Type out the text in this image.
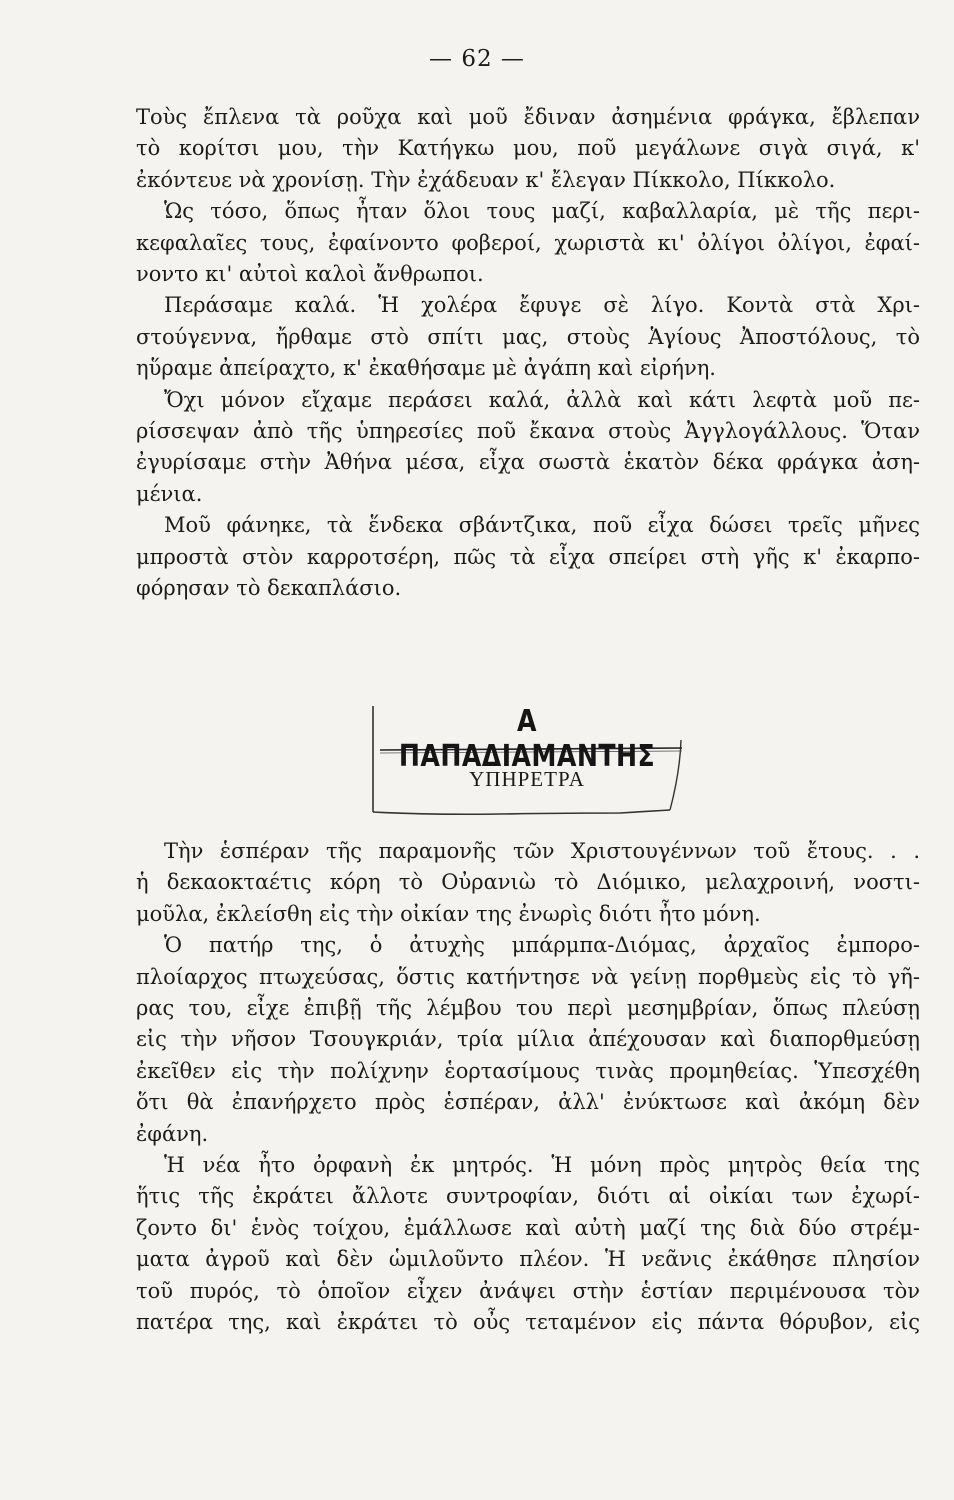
— 62 —
Τοὺς ἔπλενα τὰ ροῦχα καὶ μοῦ ἔδιναν ἀσημένια φράγκα, ἔβλεπαν
τὸ κορίτσι μου, τὴν Κατήγκω μου, ποῦ μεγάλωνε σιγὰ σιγά, κ'
ἐκόντευε νὰ χρονίσῃ. Τὴν ἐχάδευαν κ' ἔλεγαν Πίκκολο, Πίκκολο.
Ὡς τόσο, ὅπως ἦταν ὅλοι τους μαζί, καβαλλαρία, μὲ τῆς περι-
κεφαλαῖες τους, ἐφαίνοντο φοβεροί, χωριστὰ κι' ὀλίγοι ὀλίγοι, ἐφαί-
νοντο κι' αὐτοὶ καλοὶ ἄνθρωποι.
Περάσαμε καλά. Ἡ χολέρα ἔφυγε σὲ λίγο. Κοντὰ στὰ Χρι-
στούγεννα, ἤρθαμε στὸ σπίτι μας, στοὺς Ἁγίους Ἀποστόλους, τὸ
ηὕραμε ἀπείραχτο, κ' ἐκαθήσαμε μὲ ἀγάπη καὶ εἰρήνη.
Ὄχι μόνον εἴχαμε περάσει καλά, ἀλλὰ καὶ κάτι λεφτὰ μοῦ πε-
ρίσσεψαν ἀπὸ τῆς ὑπηρεσίες ποῦ ἔκανα στοὺς Ἀγγλογάλλους. Ὅταν
ἐγυρίσαμε στὴν Ἀθήνα μέσα, εἶχα σωστὰ ἑκατὸν δέκα φράγκα ἀση-
μένια.
Μοῦ φάνηκε, τὰ ἕνδεκα σβάντζικα, ποῦ εἶχα δώσει τρεῖς μῆνες
μπροστὰ στὸν καρροτσέρη, πῶς τὰ εἶχα σπείρει στὴ γῆς κ' ἐκαρπο-
φόρησαν τὸ δεκαπλάσιο.
Α ΠΑΠΑΔΙΑΜΑΝΤΗΣ
ΥΠΗΡΕΤΡΑ
Τὴν ἑσπέραν τῆς παραμονῆς τῶν Χριστουγέννων τοῦ ἔτους. . .
ἡ δεκαοκταέτις κόρη τὸ Οὐρανιὼ τὸ Διόμικο, μελαχροινή, νοστι-
μοῦλα, ἐκλείσθη εἰς τὴν οἰκίαν της ἐνωρὶς διότι ἦτο μόνη.
Ὁ πατήρ της, ὁ ἀτυχὴς μπάρμπα-Διόμας, ἀρχαῖος ἐμπορο-
πλοίαρχος πτωχεύσας, ὅστις κατήντησε νὰ γείνῃ πορθμεὺς εἰς τὸ γῆ-
ρας του, εἶχε ἐπιβῇ τῆς λέμβου του περὶ μεσημβρίαν, ὅπως πλεύσῃ
εἰς τὴν νῆσον Τσουγκριάν, τρία μίλια ἀπέχουσαν καὶ διαπορθμεύσῃ
ἐκεῖθεν εἰς τὴν πολίχνην ἑορτασίμους τινὰς προμηθείας. Ὑπεσχέθη
ὅτι θὰ ἐπανήρχετο πρὸς ἑσπέραν, ἀλλ' ἐνύκτωσε καὶ ἀκόμη δὲν
ἐφάνη.
Ἡ νέα ἦτο ὀρφανὴ ἐκ μητρός. Ἡ μόνη πρὸς μητρὸς θεία της
ἥτις τῆς ἐκράτει ἄλλοτε συντροφίαν, διότι αἱ οἰκίαι των ἐχωρί-
ζοντο δι' ἑνὸς τοίχου, ἐμάλλωσε καὶ αὐτὴ μαζί της διὰ δύο στρέμ-
ματα ἀγροῦ καὶ δὲν ὡμιλοῦντο πλέον. Ἡ νεᾶνις ἐκάθησε πλησίον
τοῦ πυρός, τὸ ὁποῖον εἶχεν ἀνάψει στὴν ἑστίαν περιμένουσα τὸν
πατέρα της, καὶ ἐκράτει τὸ οὖς τεταμένον εἰς πάντα θόρυβον, εἰς
